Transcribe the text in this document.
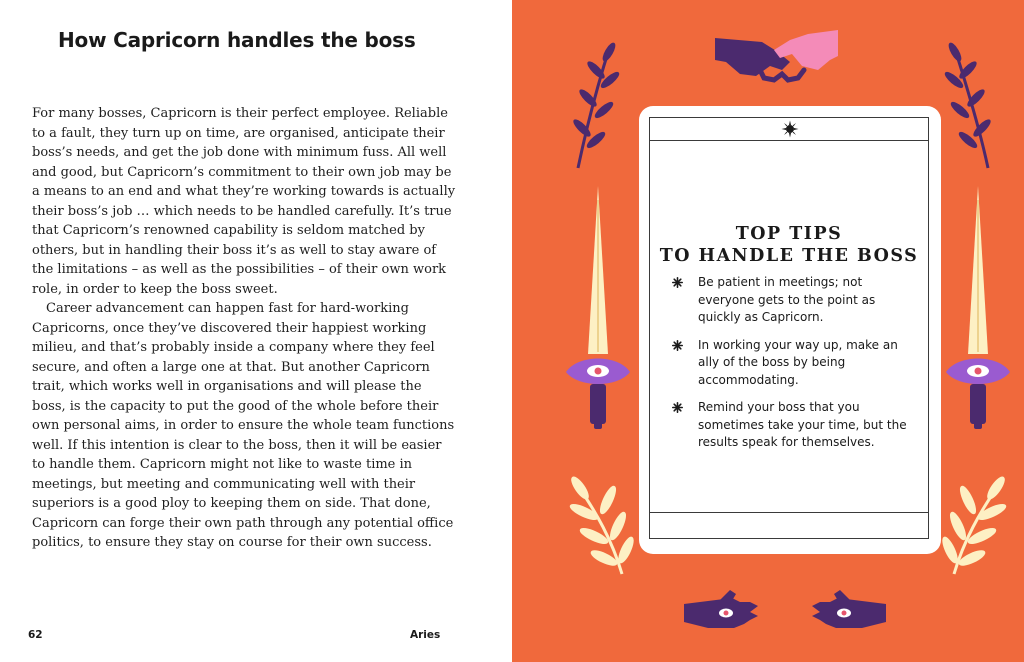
How Capricorn handles the boss

For many bosses, Capricorn is their perfect employee. Reliable to a fault, they turn up on time, are organised, anticipate their boss’s needs, and get the job done with minimum fuss. All well and good, but Capricorn’s commitment to their own job may be a means to an end and what they’re working towards is actually their boss’s job … which needs to be handled carefully. It’s true that Capricorn’s renowned capability is seldom matched by others, but in handling their boss it’s as well to stay aware of the limitations – as well as the possibilities – of their own work role, in order to keep the boss sweet.

Career advancement can happen fast for hard-working Capricorns, once they’ve discovered their happiest working milieu, and that’s probably inside a company where they feel secure, and often a large one at that. But another Capricorn trait, which works well in organisations and will please the boss, is the capacity to put the good of the whole before their own personal aims, in order to ensure the whole team functions well. If this intention is clear to the boss, then it will be easier to handle them. Capricorn might not like to waste time in meetings, but meeting and communicating well with their superiors is a good ploy to keeping them on side. That done, Capricorn can forge their own path through any potential office politics, to ensure they stay on course for their own success.

62	Aries
TOP TIPS
TO HANDLE THE BOSS
Be patient in meetings; not everyone gets to the point as quickly as Capricorn.
In working your way up, make an ally of the boss by being accommodating.
Remind your boss that you sometimes take your time, but the results speak for themselves.
